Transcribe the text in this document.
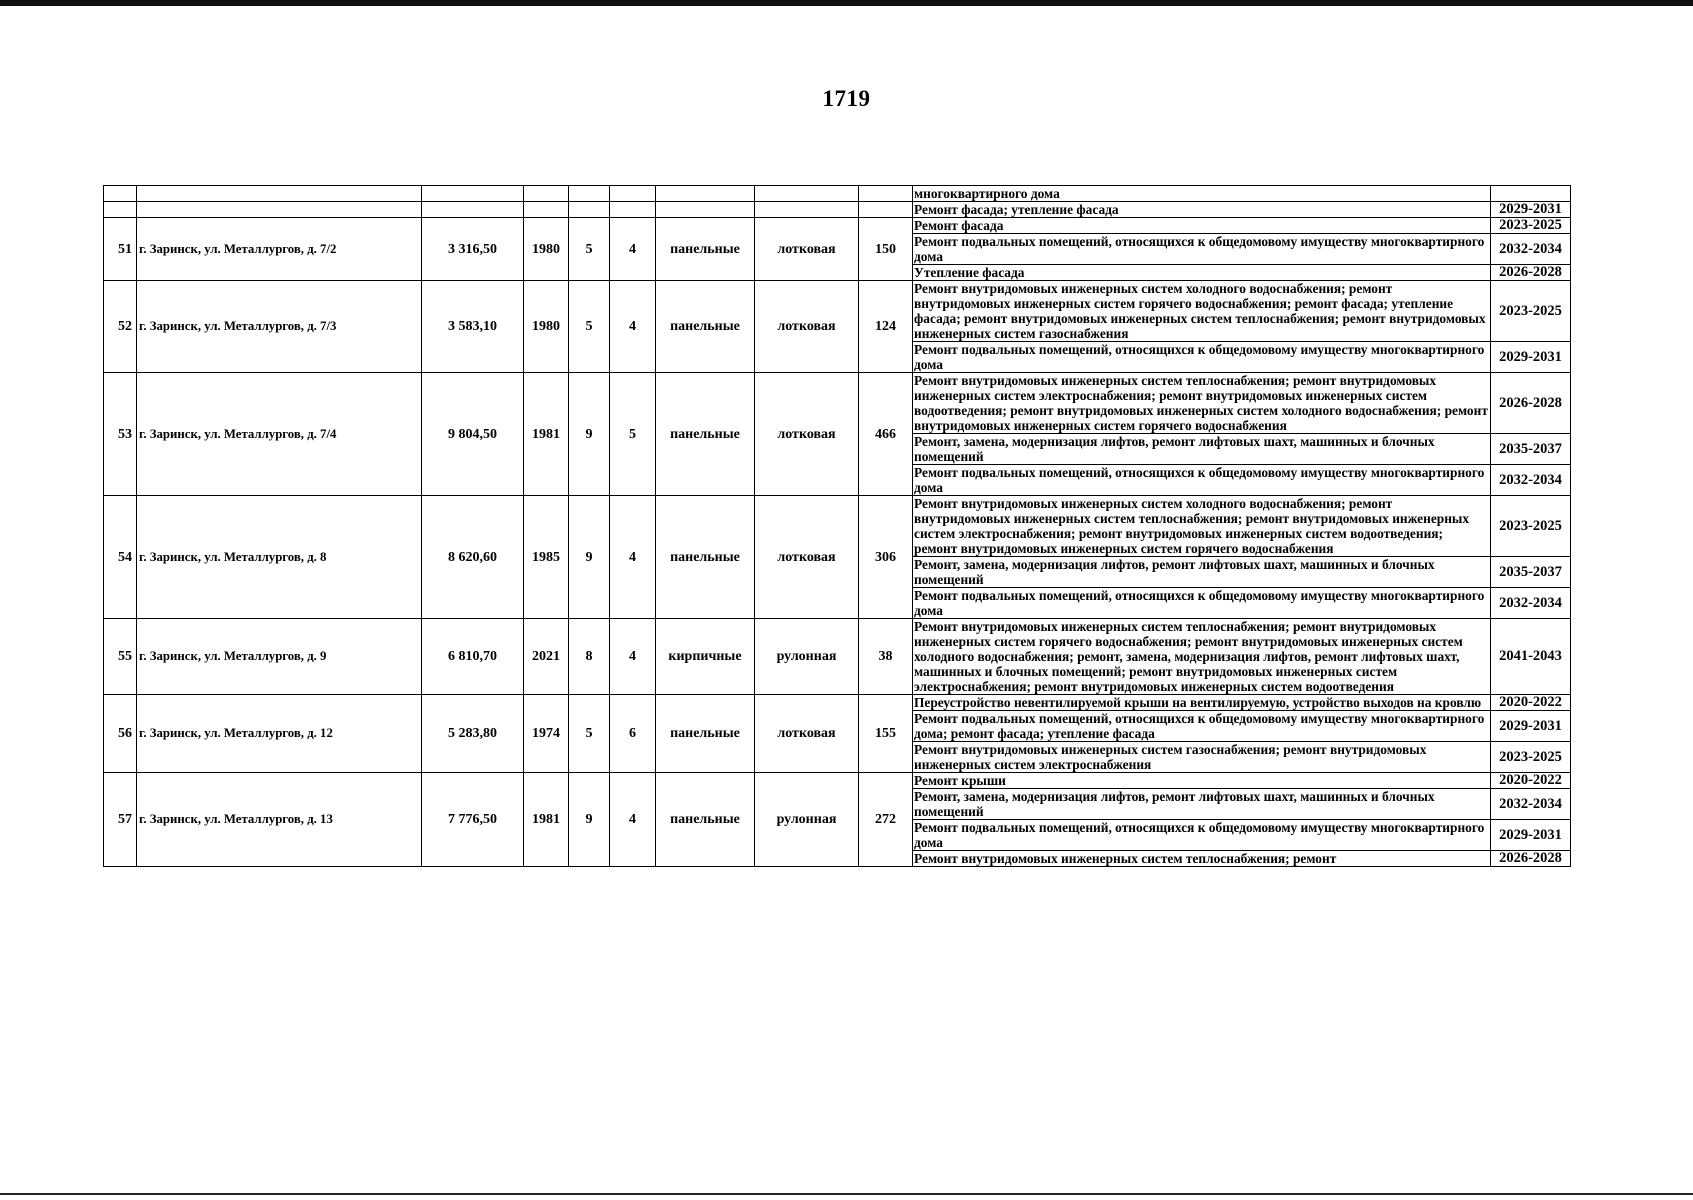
1719
									многоквартирного дома	
									Ремонт фасада; утепление фасада	2029-2031
51	г. Заринск, ул. Металлургов, д. 7/2	3 316,50	1980	5	4	панельные	лотковая	150	Ремонт фасада	2023-2025
									Ремонт подвальных помещений, относящихся к общедомовому имуществу многоквартирного дома	2032-2034
									Утепление фасада	2026-2028
52	г. Заринск, ул. Металлургов, д. 7/3	3 583,10	1980	5	4	панельные	лотковая	124	Ремонт внутридомовых инженерных систем холодного водоснабжения; ремонт внутридомовых инженерных систем горячего водоснабжения; ремонт фасада; утепление фасада; ремонт внутридомовых инженерных систем теплоснабжения; ремонт внутридомовых инженерных систем газоснабжения	2023-2025
									Ремонт подвальных помещений, относящихся к общедомовому имуществу многоквартирного дома	2029-2031
53	г. Заринск, ул. Металлургов, д. 7/4	9 804,50	1981	9	5	панельные	лотковая	466	Ремонт внутридомовых инженерных систем теплоснабжения; ремонт внутридомовых инженерных систем электроснабжения; ремонт внутридомовых инженерных систем водоотведения; ремонт внутридомовых инженерных систем холодного водоснабжения; ремонт внутридомовых инженерных систем горячего водоснабжения	2026-2028
									Ремонт, замена, модернизация лифтов, ремонт лифтовых шахт, машинных и блочных помещений	2035-2037
									Ремонт подвальных помещений, относящихся к общедомовому имуществу многоквартирного дома	2032-2034
54	г. Заринск, ул. Металлургов, д. 8	8 620,60	1985	9	4	панельные	лотковая	306	Ремонт внутридомовых инженерных систем холодного водоснабжения; ремонт внутридомовых инженерных систем теплоснабжения; ремонт внутридомовых инженерных систем электроснабжения; ремонт внутридомовых инженерных систем водоотведения; ремонт внутридомовых инженерных систем горячего водоснабжения	2023-2025
									Ремонт, замена, модернизация лифтов, ремонт лифтовых шахт, машинных и блочных помещений	2035-2037
									Ремонт подвальных помещений, относящихся к общедомовому имуществу многоквартирного дома	2032-2034
55	г. Заринск, ул. Металлургов, д. 9	6 810,70	2021	8	4	кирпичные	рулонная	38	Ремонт внутридомовых инженерных систем теплоснабжения; ремонт внутридомовых инженерных систем горячего водоснабжения; ремонт внутридомовых инженерных систем холодного водоснабжения; ремонт, замена, модернизация лифтов, ремонт лифтовых шахт, машинных и блочных помещений; ремонт внутридомовых инженерных систем электроснабжения; ремонт внутридомовых инженерных систем водоотведения	2041-2043
56	г. Заринск, ул. Металлургов, д. 12	5 283,80	1974	5	6	панельные	лотковая	155	Переустройство невентилируемой крыши на вентилируемую, устройство выходов на кровлю	2020-2022
									Ремонт подвальных помещений, относящихся к общедомовому имуществу многоквартирного дома; ремонт фасада; утепление фасада	2029-2031
									Ремонт внутридомовых инженерных систем газоснабжения; ремонт внутридомовых инженерных систем электроснабжения	2023-2025
57	г. Заринск, ул. Металлургов, д. 13	7 776,50	1981	9	4	панельные	рулонная	272	Ремонт крыши	2020-2022
									Ремонт, замена, модернизация лифтов, ремонт лифтовых шахт, машинных и блочных помещений	2032-2034
									Ремонт подвальных помещений, относящихся к общедомовому имуществу многоквартирного дома	2029-2031
									Ремонт внутридомовых инженерных систем теплоснабжения; ремонт	2026-2028
